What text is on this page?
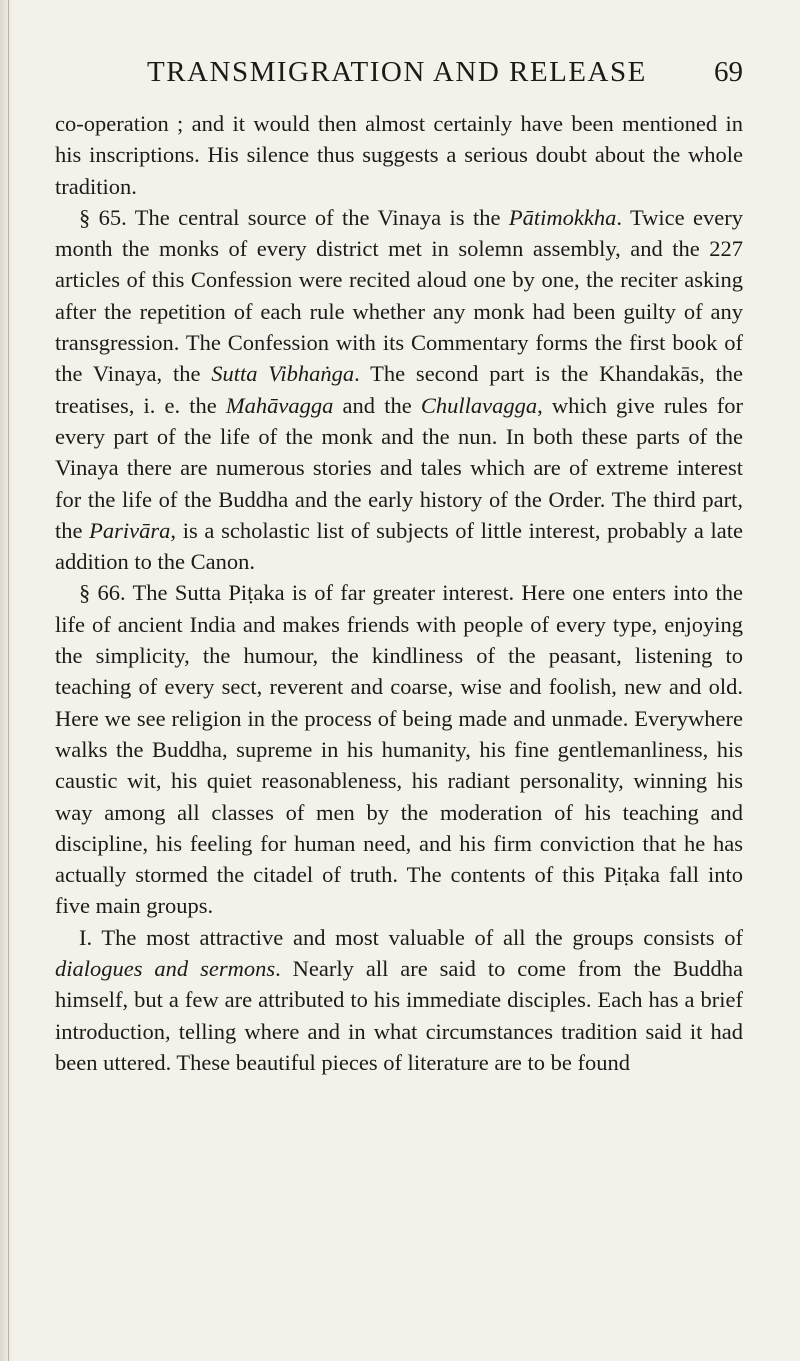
TRANSMIGRATION AND RELEASE 69

co-operation ; and it would then almost certainly have been mentioned in his inscriptions. His silence thus suggests a serious doubt about the whole tradition.

§ 65. The central source of the Vinaya is the Pātimokkha. Twice every month the monks of every district met in solemn assembly, and the 227 articles of this Confession were recited aloud one by one, the reciter asking after the repetition of each rule whether any monk had been guilty of any transgression. The Confession with its Commentary forms the first book of the Vinaya, the Sutta Vibhaṅga. The second part is the Khandakās, the treatises, i. e. the Mahāvagga and the Chullavagga, which give rules for every part of the life of the monk and the nun. In both these parts of the Vinaya there are numerous stories and tales which are of extreme interest for the life of the Buddha and the early history of the Order. The third part, the Parivāra, is a scholastic list of subjects of little interest, probably a late addition to the Canon.

§ 66. The Sutta Piṭaka is of far greater interest. Here one enters into the life of ancient India and makes friends with people of every type, enjoying the simplicity, the humour, the kindliness of the peasant, listening to teaching of every sect, reverent and coarse, wise and foolish, new and old. Here we see religion in the process of being made and unmade. Everywhere walks the Buddha, supreme in his humanity, his fine gentlemanliness, his caustic wit, his quiet reasonableness, his radiant personality, winning his way among all classes of men by the moderation of his teaching and discipline, his feeling for human need, and his firm conviction that he has actually stormed the citadel of truth. The contents of this Piṭaka fall into five main groups.

I. The most attractive and most valuable of all the groups consists of dialogues and sermons. Nearly all are said to come from the Buddha himself, but a few are attributed to his immediate disciples. Each has a brief introduction, telling where and in what circumstances tradition said it had been uttered. These beautiful pieces of literature are to be found
